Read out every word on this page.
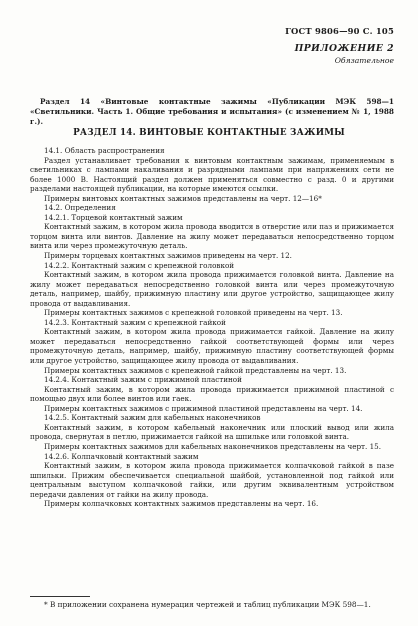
ГОСТ 9806—90 С. 105
ПРИЛОЖЕНИЕ 2
Обязательное
Раздел 14 «Винтовые контактные зажимы «Публикации МЭК 598—1 «Светильники. Часть 1. Общие требования и испытания» (с изменением № 1, 1988 г.).
РАЗДЕЛ 14. ВИНТОВЫЕ КОНТАКТНЫЕ ЗАЖИМЫ

14.1. Область распространения

Раздел устанавливает требования к винтовым контактным зажимам, применяемым в светильниках с лампами накаливания и разрядными лампами при напряжениях сети не более 1000 В. Настоящий раздел должен применяться совместно с разд. 0 и другими разделами настоящей публикации, на которые имеются ссылки.

Примеры винтовых контактных зажимов представлены на черт. 12—16*

14.2. Определения

14.2.1. Торцевой контактный зажим

Контактный зажим, в котором жила провода вводится в отверстие или паз и прижимается торцом винта или винтов. Давление на жилу может передаваться непосредственно торцом винта или через промежуточную деталь.

Примеры торцевых контактных зажимов приведены на черт. 12.

14.2.2. Контактный зажим с крепежной головкой

Контактный зажим, в котором жила провода прижимается головкой винта. Давление на жилу может передаваться непосредственно головкой винта или через промежуточную деталь, например, шайбу, прижимную пластину или другое устройство, защищающее жилу провода от выдавливания.

Примеры контактных зажимов с крепежной головкой приведены на черт. 13.

14.2.3. Контактный зажим с крепежной гайкой

Контактный зажим, в котором жила провода прижимается гайкой. Давление на жилу может передаваться непосредственно гайкой соответствующей формы или через промежуточную деталь, например, шайбу, прижимную пластину соответствующей формы или другое устройство, защищающее жилу провода от выдавливания.

Примеры контактных зажимов с крепежной гайкой представлены на черт. 13.

14.2.4. Контактный зажим с прижимной пластиной

Контактный зажим, в котором жила провода прижимается прижимной пластиной с помощью двух или более винтов или гаек.

Примеры контактных зажимов с прижимной пластиной представлены на черт. 14.

14.2.5. Контактный зажим для кабельных наконечников

Контактный зажим, в котором кабельный наконечник или плоский вывод или жила провода, свернутая в петлю, прижимается гайкой на шпильке или головкой винта.

Примеры контактных зажимов для кабельных наконечников представлены на черт. 15.

14.2.6. Колпачковый контактный зажим

Контактный зажим, в котором жила провода прижимается колпачковой гайкой в пазе шпильки. Прижим обеспечивается специальной шайбой, установленной под гайкой или центральным выступом колпачковой гайки, или другим эквивалентным устройством передачи давления от гайки на жилу провода.

Примеры колпачковых контактных зажимов представлены на черт. 16.

* В приложении сохранена нумерация чертежей и таблиц публикации МЭК 598—1.
